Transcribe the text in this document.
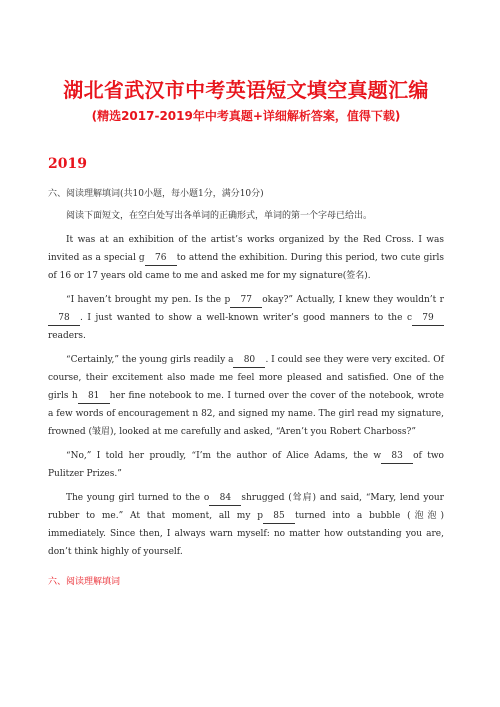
湖北省武汉市中考英语短文填空真题汇编
(精选2017-2019年中考真题+详细解析答案，值得下载)
2019
六、阅读理解填词(共10小题，每小题1分，满分10分)

阅读下面短文，在空白处写出各单词的正确形式，单词的第一个字母已给出。

It was at an exhibition of the artist’s works organized by the Red Cross. I was invited as a special g 76 to attend the exhibition. During this period, two cute girls of 16 or 17 years old came to me and asked me for my signature(签名).

“I haven’t brought my pen. Is the p 77 okay?” Actually, I knew they wouldn’t r78 . I just wanted to show a well-known writer’s good manners to the c 79readers.

“Certainly,” the young girls readily a 80 . I could see they were very excited. Of course, their excitement also made me feel more pleased and satisfied. One of the girls h 81 her fine notebook to me. I turned over the cover of the notebook, wrote a few words of encouragement n 82, and signed my name. The girl read my signature, frowned (皱眉), looked at me carefully and asked, “Aren’t you Robert Charboss?”

“No,” I told her proudly, “I’m the author of Alice Adams, the w 83 of two Pulitzer Prizes.”

The young girl turned to the o 84 shrugged (耸肩) and said, “Mary, lend your rubber to me.” At that moment, all my p 85 turned into a bubble (泡泡) immediately. Since then, I always warn myself: no matter how outstanding you are, don’t think highly of yourself.

六、阅读理解填词
